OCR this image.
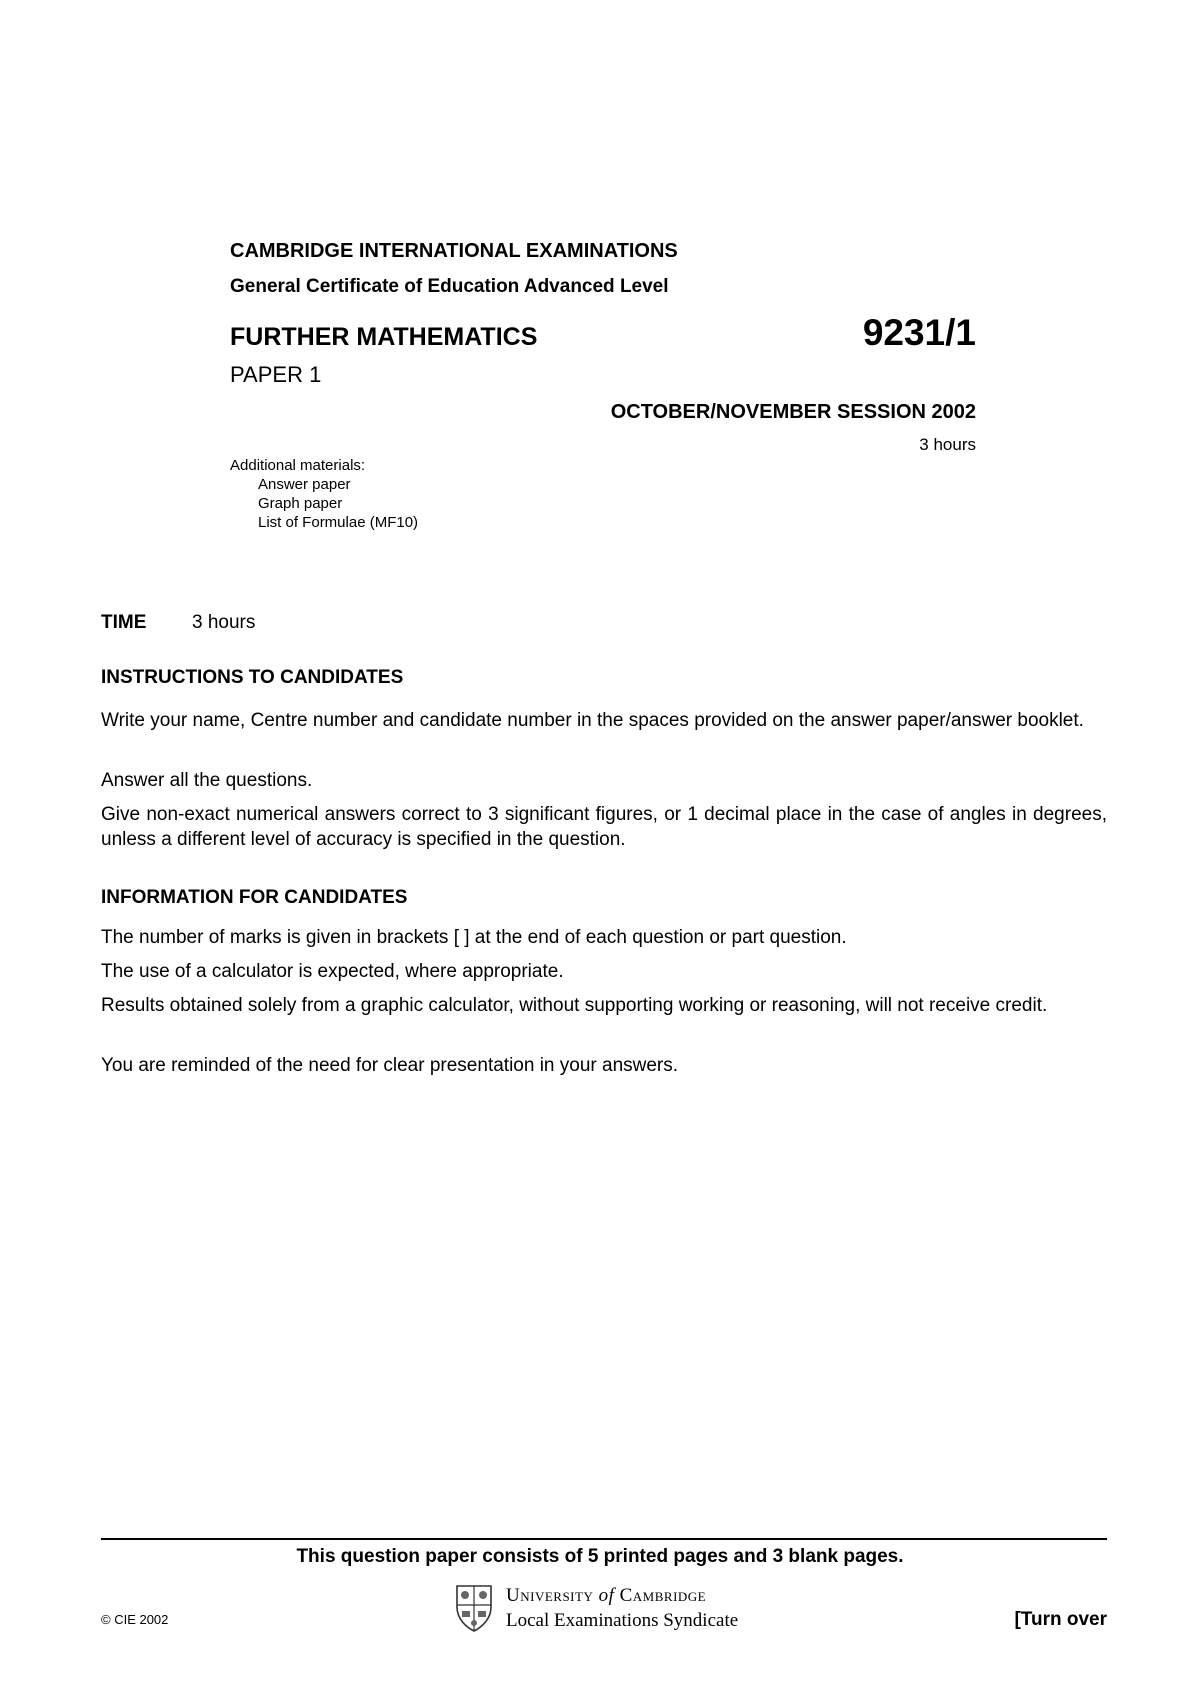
CAMBRIDGE INTERNATIONAL EXAMINATIONS
General Certificate of Education Advanced Level
FURTHER MATHEMATICS	9231/1
PAPER 1
OCTOBER/NOVEMBER SESSION 2002
3 hours
Additional materials:
Answer paper
Graph paper
List of Formulae (MF10)
TIME 3 hours
INSTRUCTIONS TO CANDIDATES
Write your name, Centre number and candidate number in the spaces provided on the answer paper/answer booklet.
Answer all the questions.
Give non-exact numerical answers correct to 3 significant figures, or 1 decimal place in the case of angles in degrees, unless a different level of accuracy is specified in the question.
INFORMATION FOR CANDIDATES
The number of marks is given in brackets [ ] at the end of each question or part question.
The use of a calculator is expected, where appropriate.
Results obtained solely from a graphic calculator, without supporting working or reasoning, will not receive credit.
You are reminded of the need for clear presentation in your answers.
This question paper consists of 5 printed pages and 3 blank pages.
© CIE 2002
University of Cambridge
Local Examinations Syndicate	[Turn over
